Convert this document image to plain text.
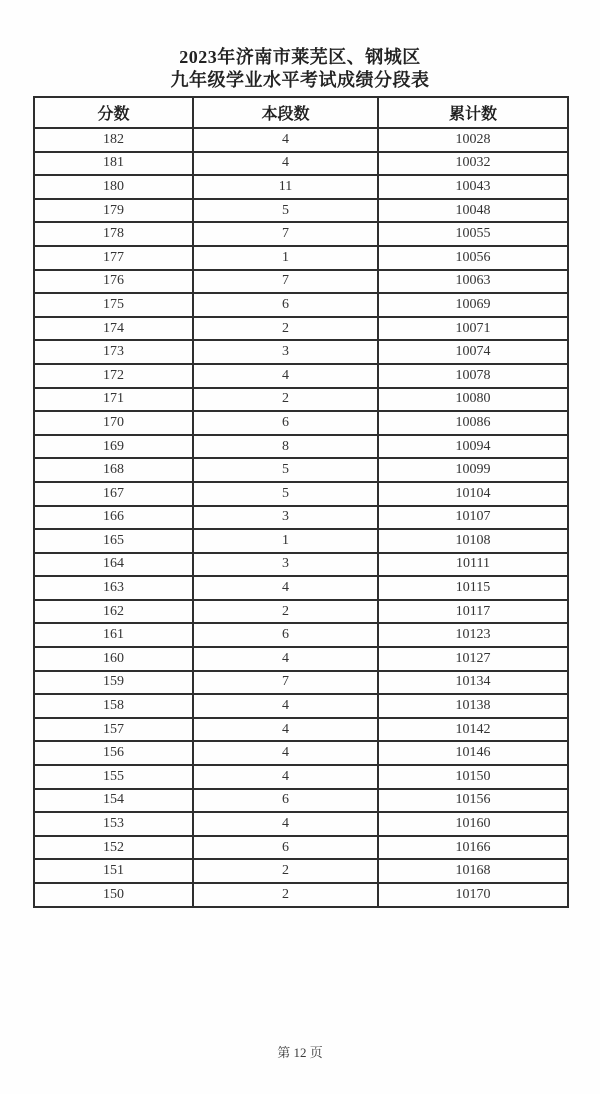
2023年济南市莱芜区、钢城区
九年级学业水平考试成绩分段表
分数	本段数	累计数
182	4	10028
181	4	10032
180	11	10043
179	5	10048
178	7	10055
177	1	10056
176	7	10063
175	6	10069
174	2	10071
173	3	10074
172	4	10078
171	2	10080
170	6	10086
169	8	10094
168	5	10099
167	5	10104
166	3	10107
165	1	10108
164	3	10111
163	4	10115
162	2	10117
161	6	10123
160	4	10127
159	7	10134
158	4	10138
157	4	10142
156	4	10146
155	4	10150
154	6	10156
153	4	10160
152	6	10166
151	2	10168
150	2	10170
第 12 页
